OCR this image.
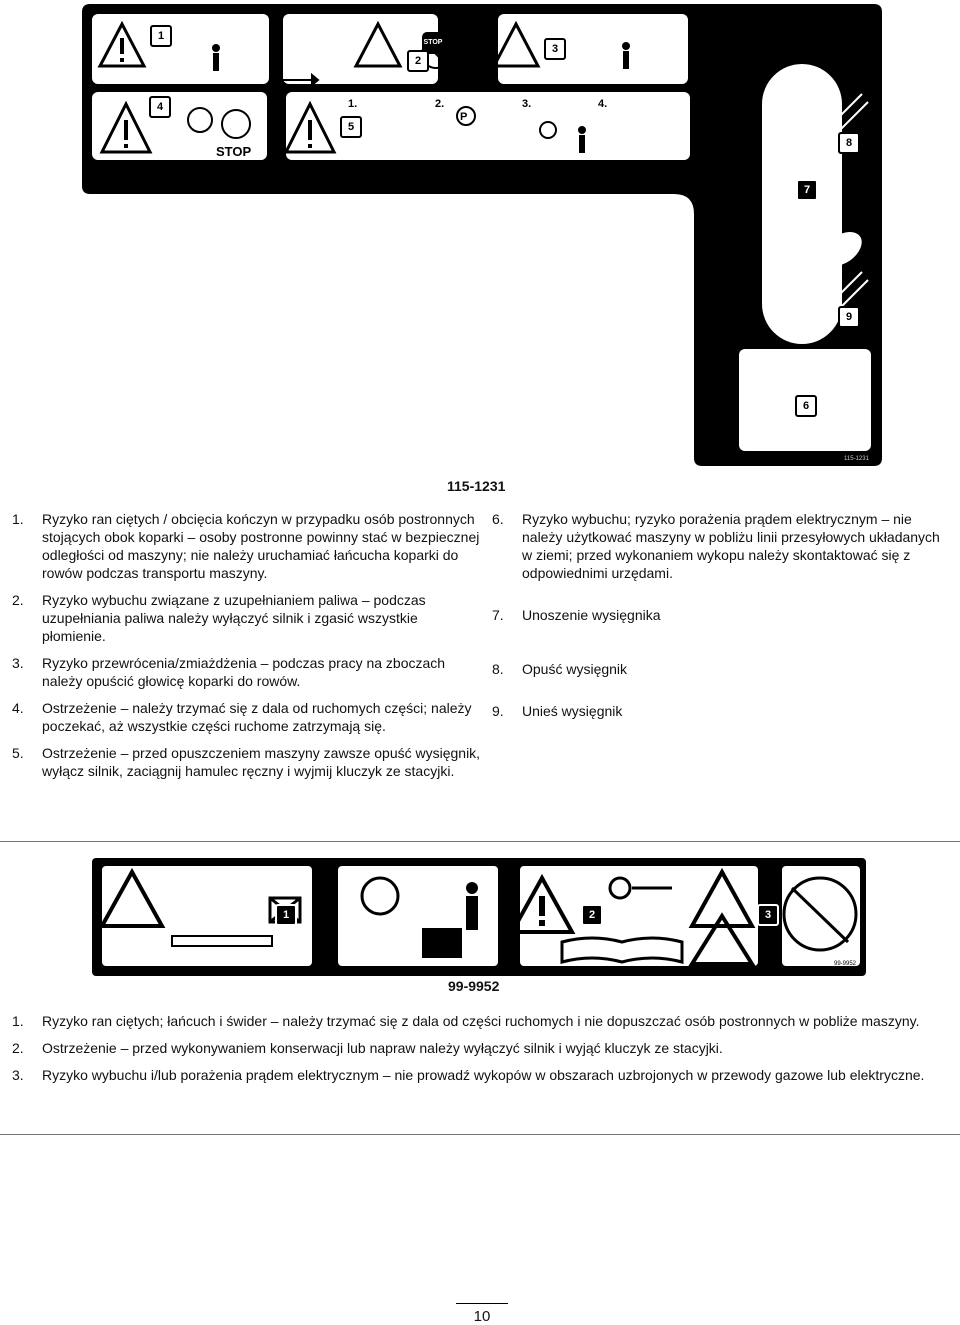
P
STOP
STOP
1
2
3
4
5
6
7
8
9
1.	2.	3.	4.
115-1231
115-1231
1. Ryzyko ran ciętych / obcięcia kończyn w przypadku osób postronnych stojących obok koparki – osoby postronne powinny stać w bezpiecznej odległości od maszyny; nie należy uruchamiać łańcucha koparki do rowów podczas transportu maszyny.
2. Ryzyko wybuchu związane z uzupełnianiem paliwa – podczas uzupełniania paliwa należy wyłączyć silnik i zgasić wszystkie płomienie.
3. Ryzyko przewrócenia/zmiażdżenia – podczas pracy na zboczach należy opuścić głowicę koparki do rowów.
4. Ostrzeżenie – należy trzymać się z dala od ruchomych części; należy poczekać, aż wszystkie części ruchome zatrzymają się.
5. Ostrzeżenie – przed opuszczeniem maszyny zawsze opuść wysięgnik, wyłącz silnik, zaciągnij hamulec ręczny i wyjmij kluczyk ze stacyjki.
6. Ryzyko wybuchu; ryzyko porażenia prądem elektrycznym – nie należy użytkować maszyny w pobliżu linii przesyłowych układanych w ziemi; przed wykonaniem wykopu należy skontaktować się z odpowiednimi urzędami.
7. Unoszenie wysięgnika
8. Opuść wysięgnik
9. Unieś wysięgnik
1	2	3
99-9952
99-9952
1. Ryzyko ran ciętych; łańcuch i świder – należy trzymać się z dala od części ruchomych i nie dopuszczać osób postronnych w pobliże maszyny.
2. Ostrzeżenie – przed wykonywaniem konserwacji lub napraw należy wyłączyć silnik i wyjąć kluczyk ze stacyjki.
3. Ryzyko wybuchu i/lub porażenia prądem elektrycznym – nie prowadź wykopów w obszarach uzbrojonych w przewody gazowe lub elektryczne.
10
